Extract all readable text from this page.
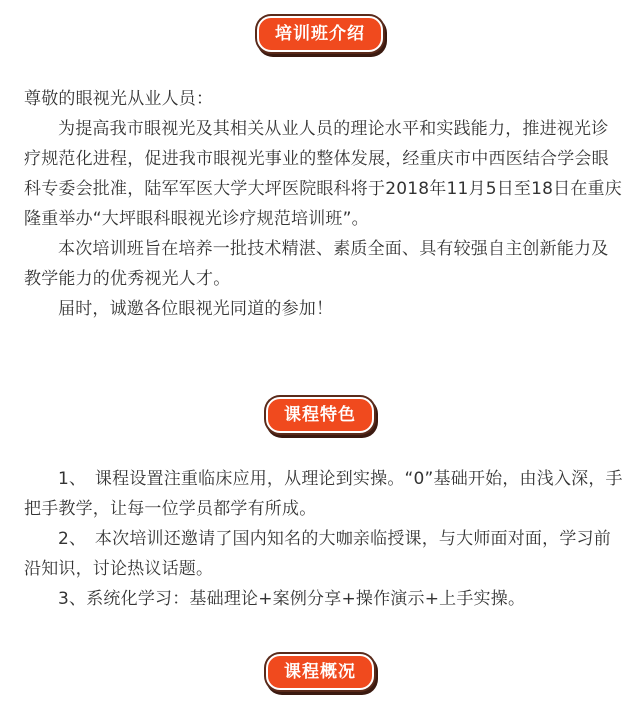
培训班介绍

尊敬的眼视光从业人员：

为提高我市眼视光及其相关从业人员的理论水平和实践能力，推进视光诊疗规范化进程，促进我市眼视光事业的整体发展，经重庆市中西医结合学会眼科专委会批准，陆军军医大学大坪医院眼科将于2018年11月5日至18日在重庆隆重举办“大坪眼科眼视光诊疗规范培训班”。

本次培训班旨在培养一批技术精湛、素质全面、具有较强自主创新能力及教学能力的优秀视光人才。

届时，诚邀各位眼视光同道的参加！

课程特色

1、　课程设置注重临床应用，从理论到实操。“0”基础开始，由浅入深，手把手教学，让每一位学员都学有所成。

2、　本次培训还邀请了国内知名的大咖亲临授课，与大师面对面，学习前沿知识，讨论热议话题。

3、系统化学习：基础理论+案例分享+操作演示+上手实操。

课程概况
